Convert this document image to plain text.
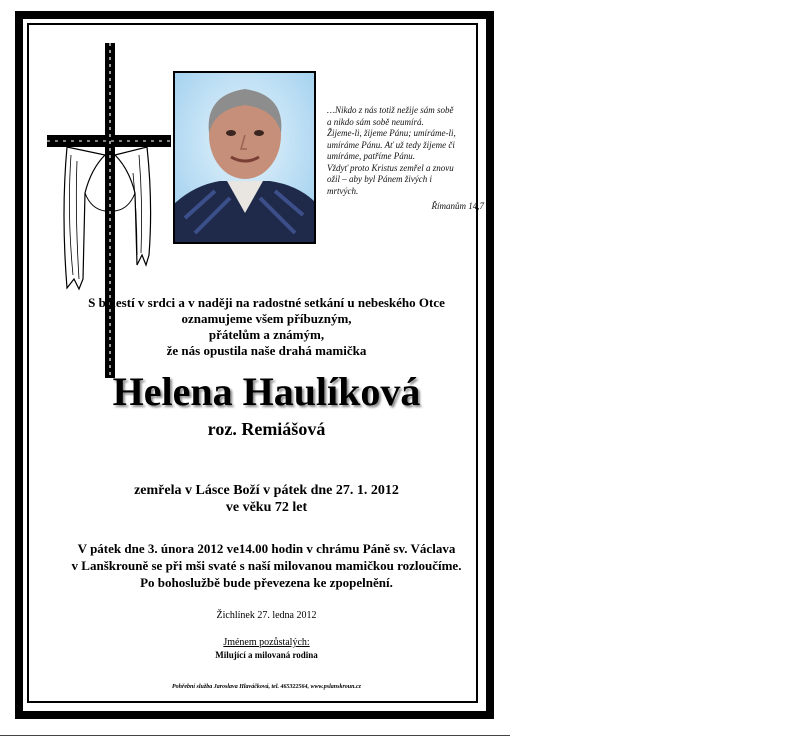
…Nikdo z nás totiž nežije sám sobě
a nikdo sám sobě neumírá.
Žijeme-li, žijeme Pánu; umíráme-li,
umíráme Pánu. Ať už tedy žijeme či
umíráme, patříme Pánu.
Vždyť proto Kristus zemřel a znovu
ožil – aby byl Pánem živých i
mrtvých.
Římanům 14,7
S bolestí v srdci a v naději na radostné setkání u nebeského Otce
oznamujeme všem příbuzným,
přátelům a známým,
že nás opustila naše drahá mamička
Helena Haulíková
roz. Remiášová
zemřela v Lásce Boží v pátek dne 27. 1. 2012
ve věku 72 let
V pátek dne 3. února 2012 ve14.00 hodin v chrámu Páně sv. Václava
v Lanškrouně se při mši svaté s naší milovanou mamičkou rozloučíme.
Po bohoslužbě bude převezena ke zpopelnění.
Žichlínek 27. ledna 2012
Jménem pozůstalých:
Milující a milovaná rodina
Pohřební služba Jaroslava Hlaváčková, tel. 465322564, www.pslanskroun.cz
